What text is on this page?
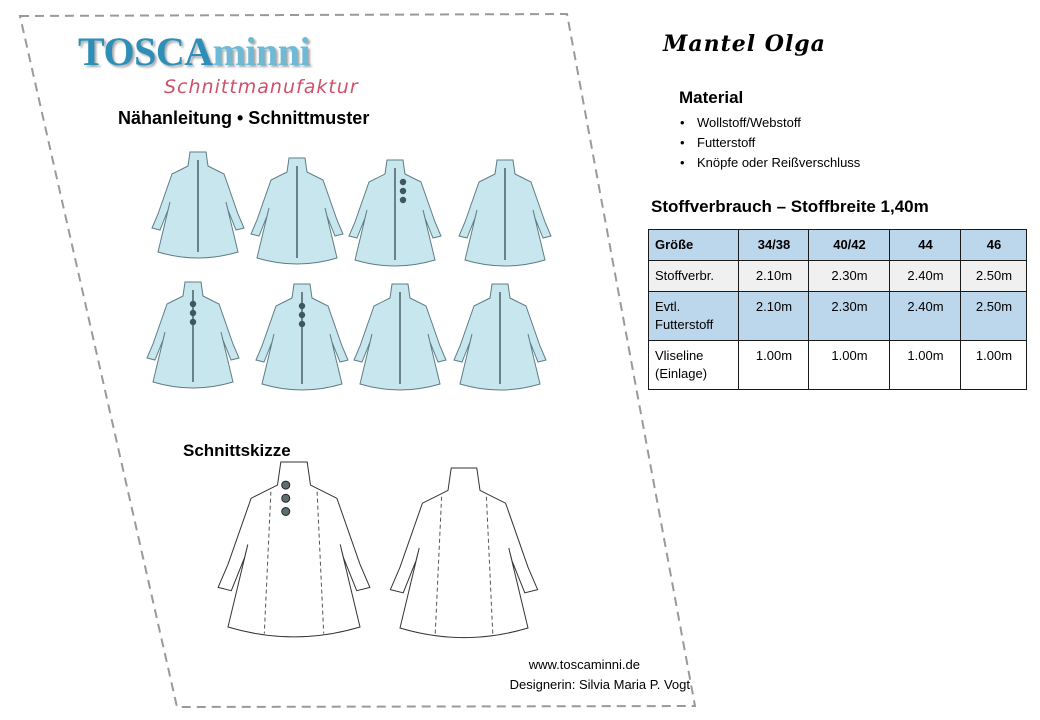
TOSCAminni
Schnittmanufaktur
Nähanleitung • Schnittmuster
Schnittskizze
www.toscaminni.de
Designerin: Silvia Maria P. Vogt
Mantel Olga
Material
• Wollstoff/Webstoff
• Futterstoff
• Knöpfe oder Reißverschluss
Stoffverbrauch – Stoffbreite 1,40m
Größe	34/38	40/42	44	46
Stoffverbr.	2.10m	2.30m	2.40m	2.50m
Evtl. Futterstoff	2.10m	2.30m	2.40m	2.50m
Vliseline (Einlage)	1.00m	1.00m	1.00m	1.00m
